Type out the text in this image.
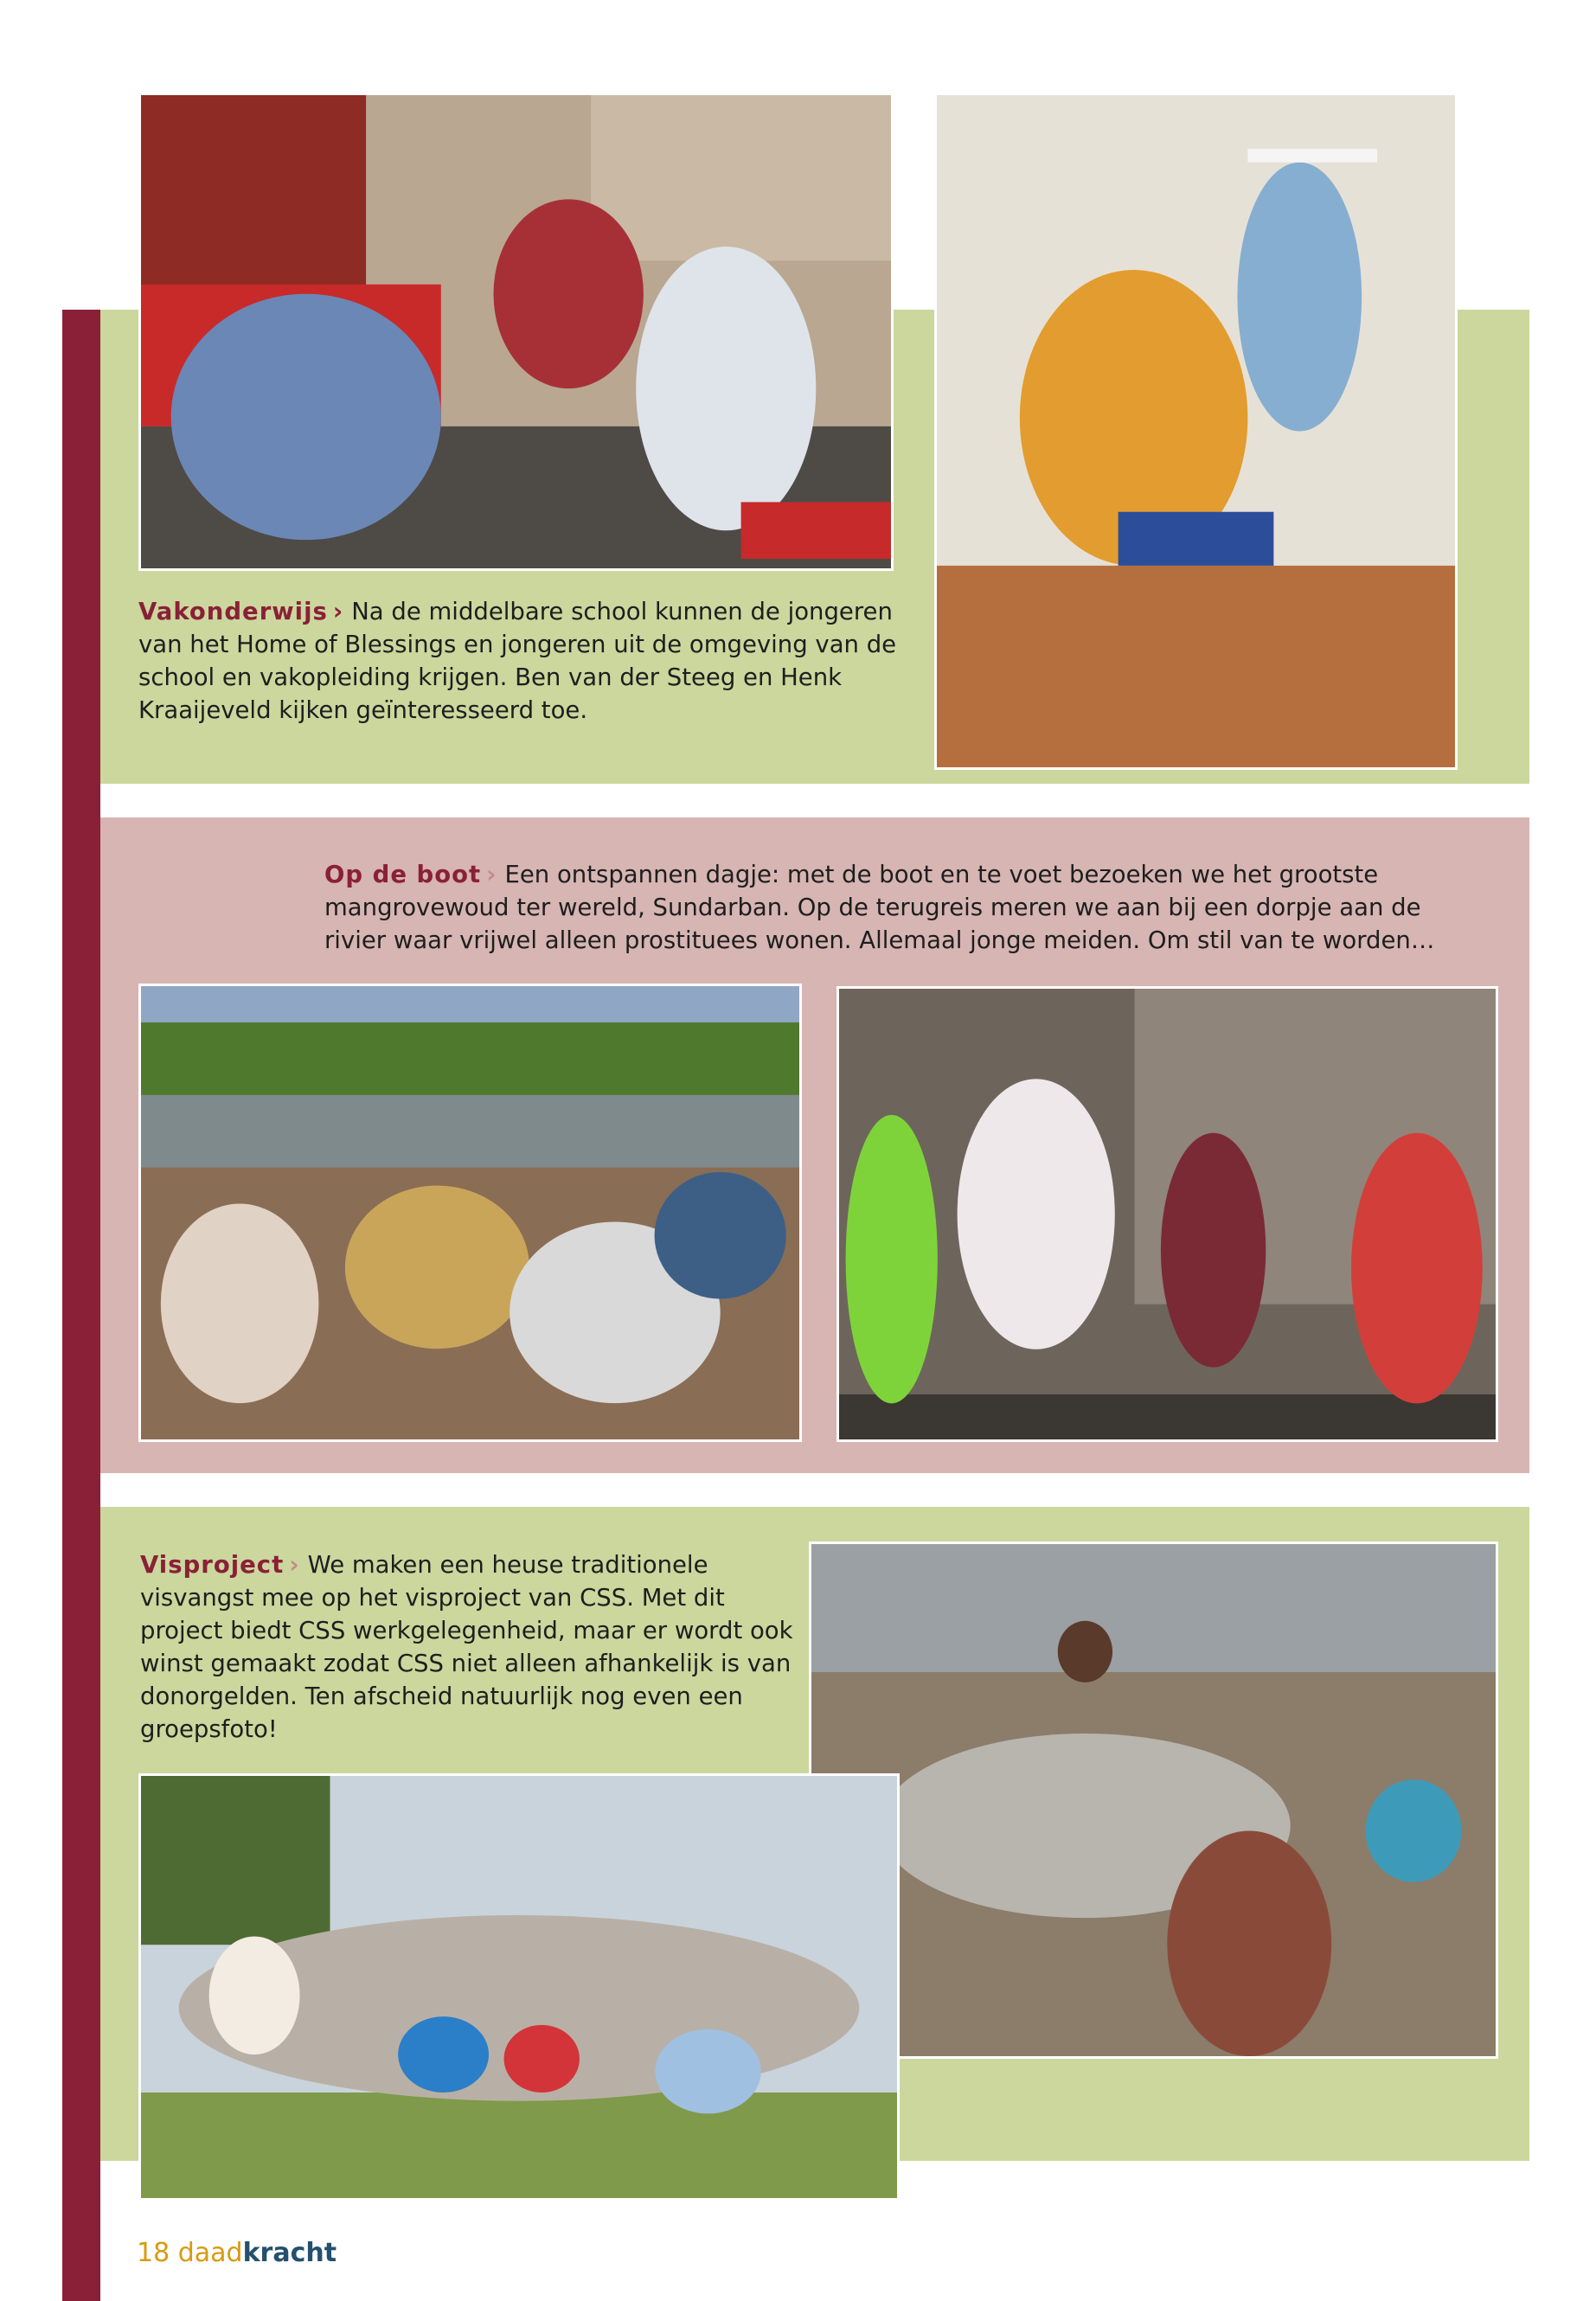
Vakonderwijs › Na de middelbare school kunnen de jongeren van het Home of Blessings en jongeren uit de omgeving van de school en vakopleiding krijgen. Ben van der Steeg en Henk Kraaijeveld kijken geïnteresseerd toe.
Op de boot › Een ontspannen dagje: met de boot en te voet bezoeken we het grootste mangrovewoud ter wereld, Sundarban. Op de terugreis meren we aan bij een dorpje aan de rivier waar vrijwel alleen prostituees wonen. Allemaal jonge meiden. Om stil van te worden…
Visproject › We maken een heuse traditionele visvangst mee op het visproject van CSS. Met dit project biedt CSS werkgelegenheid, maar er wordt ook winst gemaakt zodat CSS niet alleen afhankelijk is van donorgelden. Ten afscheid natuurlijk nog even een groepsfoto!
18 daadkracht
